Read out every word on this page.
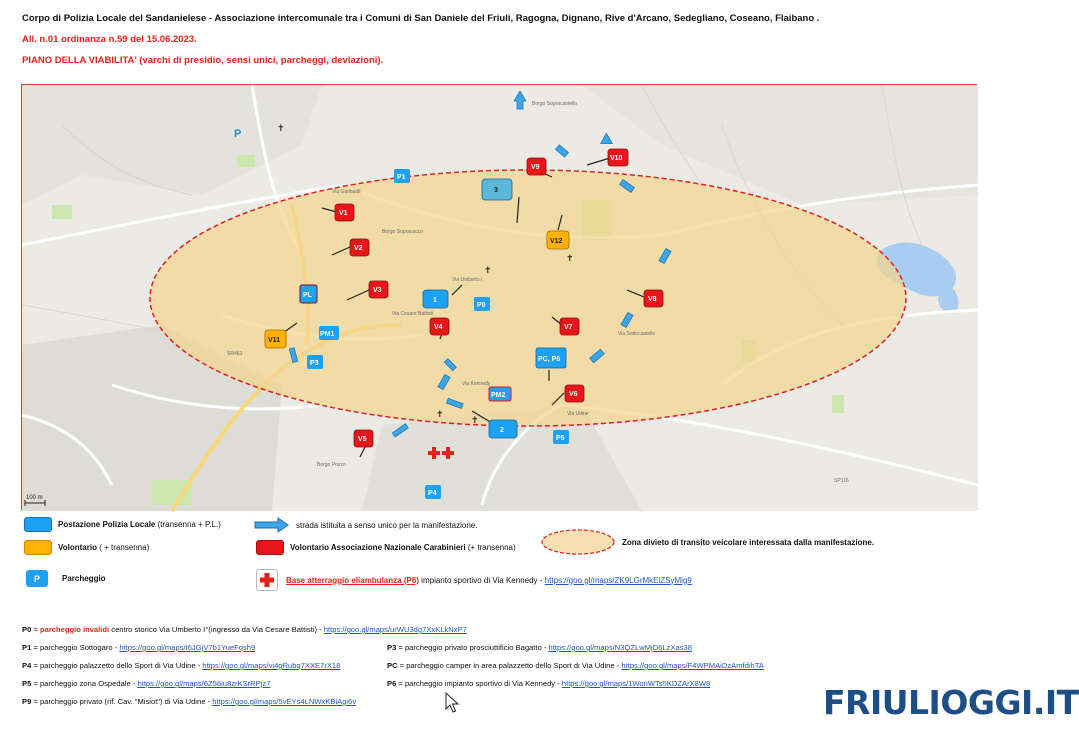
Corpo di Polizia Locale del Sandanielese - Associazione intercomunale tra i Comuni di San Daniele del Friuli, Ragogna, Dignano, Rive d'Arcano, Sedegliano, Coseano, Flaibano .
All. n.01 ordinanza n.59 del 15.06.2023.
PIANO DELLA VIABILITA' (varchi di presidio, sensi unici, parcheggi, deviazioni).
Via Garibaldi
Borgo Sopracastello
Via Kennedy
Via Udine
Borgo Pozzo
SR463
SP116
Via Sottocastello
Via Cesare Battisti
Via Umberto I
Borgo Soprasacco
100 m
V1
V2
V3
V4
V5
V6
V7
V8
V9
V10
V11
V12
1
2
3
P1
PL
PM1
P3
P0
PC, P6
PM2
P5
P4
P	✝
✝
✝
✝
✝
Postazione Polizia Locale
(transenna + P.L.)
Volontario
( + transenna)
P	Parcheggio
strada istituita a senso unico per la manifestazione.
Volontario Associazione Nazionale Carabinieri
(+ transenna)
Base atterraggio eliambulanza (P6)
impianto sportivo di Via Kennedy -
https://goo.gl/maps/ZK9LGrMkEiZSyMig9
Zona divieto di transito veicolare interessata dalla manifestazione.
P0 = parcheggio invalidi centro storico Via Umberto I°(ingresso da Via Cesare Battisti) - https://goo.gl/maps/urWU3dg7XxKLkNxP7
P1 = parcheggio Sottogaro - https://goo.gl/maps/t6JGjV7b1YueFqsh9	P3 = parcheggio privato prosciuttificio Bagatto - https://goo.gl/maps/N3QZLwMjD6LzXas38
P4 = parcheggio palazzetto dello Sport di Via Udine - https://goo.gl/maps/vi4gRubq7XXE7rX18	PC = parcheggio camper in area palazzetto dello Sport di Via Udine - https://goo.gl/maps/F4WPMAiDzAmfdihTA
P5 = parcheggio zona Ospedale - https://goo.gl/maps/6Z56iu8zrKSrRPjz7	P6 = parcheggio impianto sportivo di Via Kennedy - https://goo.gl/maps/1WonWTs5KDZArX8W8
P9 = parcheggio privato (rif. Cav. "Misiot") di Via Udine - https://goo.gl/maps/5vEYs4LNWxKBiAgi6v	FRIULIOGGI.IT
